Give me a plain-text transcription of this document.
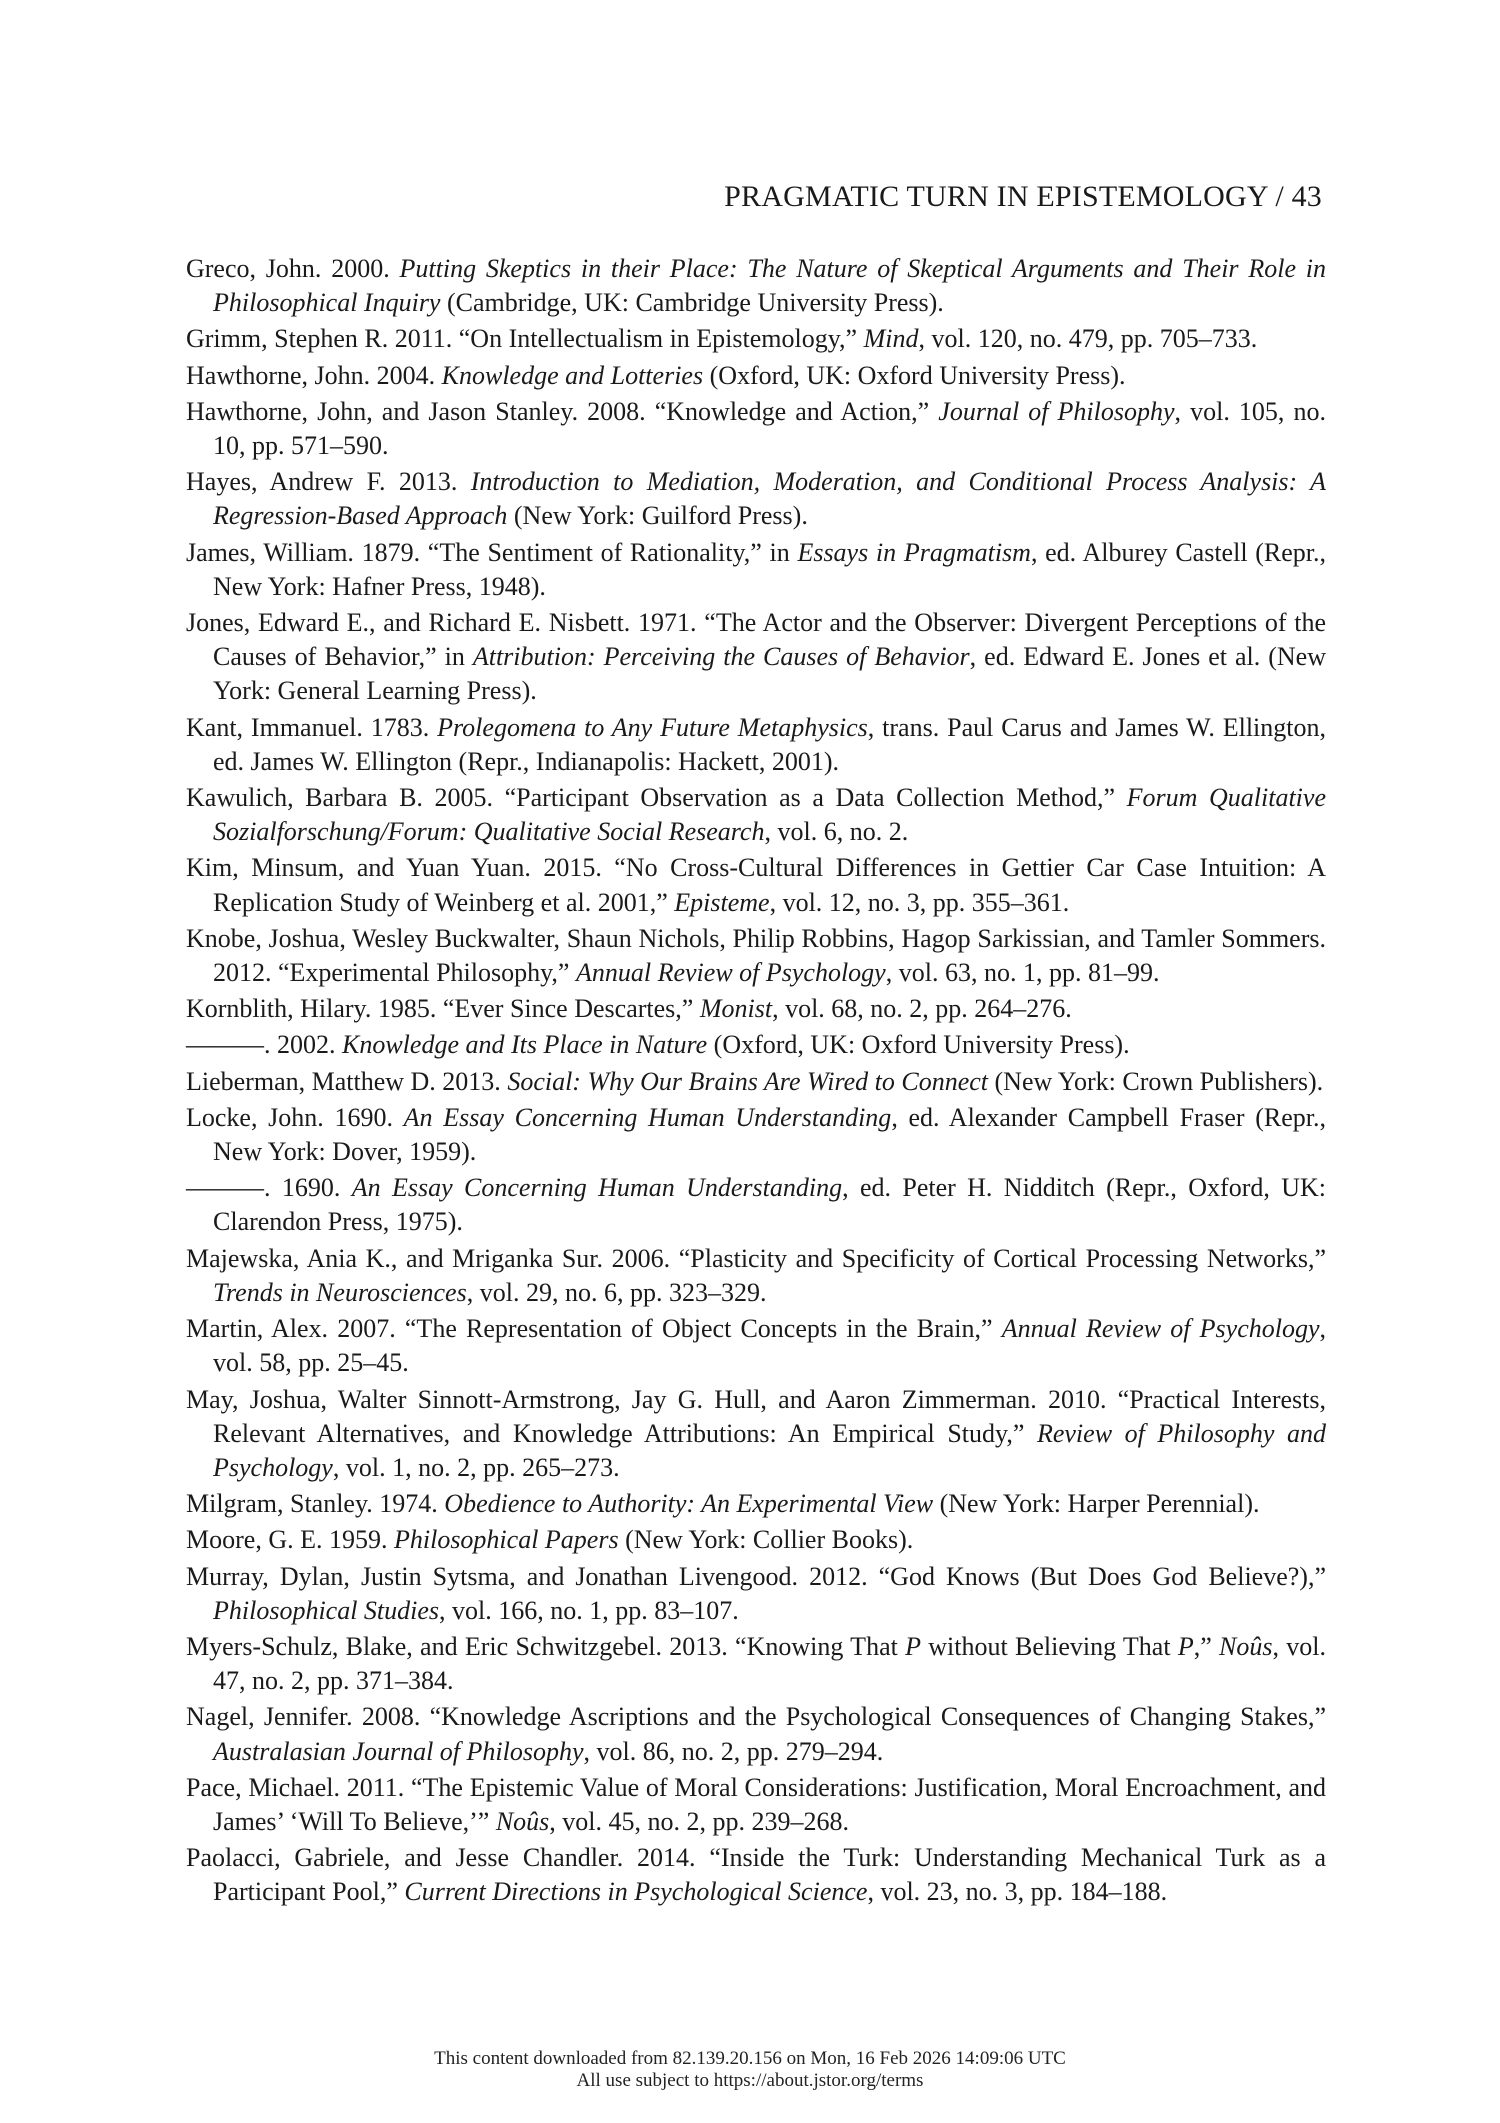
PRAGMATIC TURN IN EPISTEMOLOGY / 43
Greco, John. 2000. Putting Skeptics in their Place: The Nature of Skeptical Arguments and Their Role in Philosophical Inquiry (Cambridge, UK: Cambridge University Press).
Grimm, Stephen R. 2011. “On Intellectualism in Epistemology,” Mind, vol. 120, no. 479, pp. 705–733.
Hawthorne, John. 2004. Knowledge and Lotteries (Oxford, UK: Oxford University Press).
Hawthorne, John, and Jason Stanley. 2008. “Knowledge and Action,” Journal of Philosophy, vol. 105, no. 10, pp. 571–590.
Hayes, Andrew F. 2013. Introduction to Mediation, Moderation, and Conditional Process Analysis: A Regression-Based Approach (New York: Guilford Press).
James, William. 1879. “The Sentiment of Rationality,” in Essays in Pragmatism, ed. Alburey Castell (Repr., New York: Hafner Press, 1948).
Jones, Edward E., and Richard E. Nisbett. 1971. “The Actor and the Observer: Divergent Perceptions of the Causes of Behavior,” in Attribution: Perceiving the Causes of Behavior, ed. Edward E. Jones et al. (New York: General Learning Press).
Kant, Immanuel. 1783. Prolegomena to Any Future Metaphysics, trans. Paul Carus and James W. Ellington, ed. James W. Ellington (Repr., Indianapolis: Hackett, 2001).
Kawulich, Barbara B. 2005. “Participant Observation as a Data Collection Method,” Forum Qualitative Sozialforschung/Forum: Qualitative Social Research, vol. 6, no. 2.
Kim, Minsum, and Yuan Yuan. 2015. “No Cross-Cultural Differences in Gettier Car Case Intuition: A Replication Study of Weinberg et al. 2001,” Episteme, vol. 12, no. 3, pp. 355–361.
Knobe, Joshua, Wesley Buckwalter, Shaun Nichols, Philip Robbins, Hagop Sarkissian, and Tamler Sommers. 2012. “Experimental Philosophy,” Annual Review of Psychology, vol. 63, no. 1, pp. 81–99.
Kornblith, Hilary. 1985. “Ever Since Descartes,” Monist, vol. 68, no. 2, pp. 264–276.
———. 2002. Knowledge and Its Place in Nature (Oxford, UK: Oxford University Press).
Lieberman, Matthew D. 2013. Social: Why Our Brains Are Wired to Connect (New York: Crown Publishers).
Locke, John. 1690. An Essay Concerning Human Understanding, ed. Alexander Campbell Fraser (Repr., New York: Dover, 1959).
———. 1690. An Essay Concerning Human Understanding, ed. Peter H. Nidditch (Repr., Oxford, UK: Clarendon Press, 1975).
Majewska, Ania K., and Mriganka Sur. 2006. “Plasticity and Specificity of Cortical Processing Networks,” Trends in Neurosciences, vol. 29, no. 6, pp. 323–329.
Martin, Alex. 2007. “The Representation of Object Concepts in the Brain,” Annual Review of Psychology, vol. 58, pp. 25–45.
May, Joshua, Walter Sinnott-Armstrong, Jay G. Hull, and Aaron Zimmerman. 2010. “Practical Interests, Relevant Alternatives, and Knowledge Attributions: An Empirical Study,” Review of Philosophy and Psychology, vol. 1, no. 2, pp. 265–273.
Milgram, Stanley. 1974. Obedience to Authority: An Experimental View (New York: Harper Perennial).
Moore, G. E. 1959. Philosophical Papers (New York: Collier Books).
Murray, Dylan, Justin Sytsma, and Jonathan Livengood. 2012. “God Knows (But Does God Believe?),” Philosophical Studies, vol. 166, no. 1, pp. 83–107.
Myers-Schulz, Blake, and Eric Schwitzgebel. 2013. “Knowing That P without Believing That P,” Noûs, vol. 47, no. 2, pp. 371–384.
Nagel, Jennifer. 2008. “Knowledge Ascriptions and the Psychological Consequences of Changing Stakes,” Australasian Journal of Philosophy, vol. 86, no. 2, pp. 279–294.
Pace, Michael. 2011. “The Epistemic Value of Moral Considerations: Justification, Moral Encroachment, and James’ ‘Will To Believe,’” Noûs, vol. 45, no. 2, pp. 239–268.
Paolacci, Gabriele, and Jesse Chandler. 2014. “Inside the Turk: Understanding Mechanical Turk as a Participant Pool,” Current Directions in Psychological Science, vol. 23, no. 3, pp. 184–188.
This content downloaded from 82.139.20.156 on Mon, 16 Feb 2026 14:09:06 UTC
All use subject to https://about.jstor.org/terms
